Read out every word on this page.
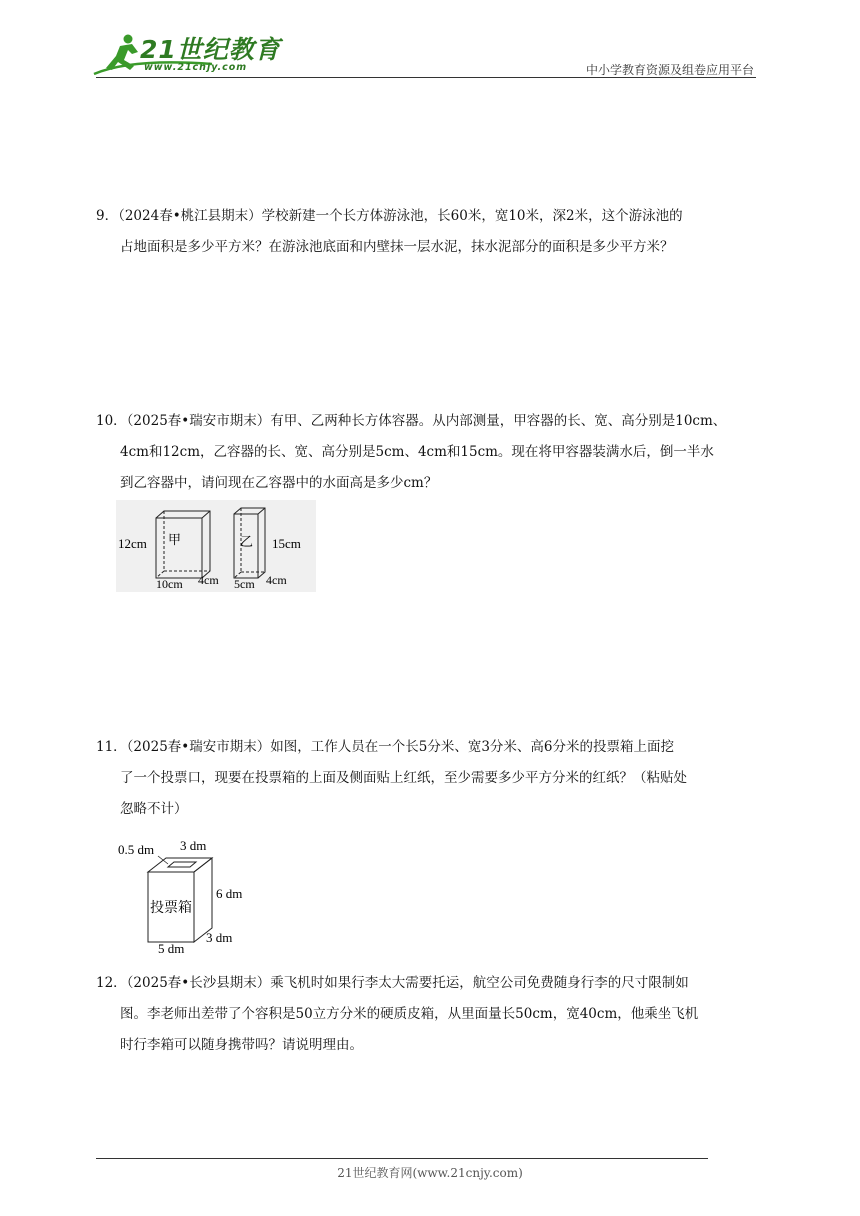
21世纪教育
www.21cnjy.com	中小学教育资源及组卷应用平台

9．（2024春•桃江县期末）学校新建一个长方体游泳池，长60米，宽10米，深2米，这个游泳池的

占地面积是多少平方米？在游泳池底面和内壁抹一层水泥，抹水泥部分的面积是多少平方米？

10．（2025春•瑞安市期末）有甲、乙两种长方体容器。从内部测量，甲容器的长、宽、高分别是10cm、

4cm和12cm，乙容器的长、宽、高分别是5cm、4cm和15cm。现在将甲容器装满水后，倒一半水

到乙容器中，请问现在乙容器中的水面高是多少cm？

甲
12cm
10cm 4cm
乙 15cm
5cm 4cm

11．（2025春•瑞安市期末）如图，工作人员在一个长5分米、宽3分米、高6分米的投票箱上面挖

了一个投票口，现要在投票箱的上面及侧面贴上红纸，至少需要多少平方分米的红纸？（粘贴处

忽略不计）

0.5 dm 3 dm
投票箱
6 dm
5 dm
3 dm

12．（2025春•长沙县期末）乘飞机时如果行李太大需要托运，航空公司免费随身行李的尺寸限制如

图。李老师出差带了个容积是50立方分米的硬质皮箱，从里面量长50cm，宽40cm，他乘坐飞机

时行李箱可以随身携带吗？请说明理由。

21世纪教育网(www.21cnjy.com)
